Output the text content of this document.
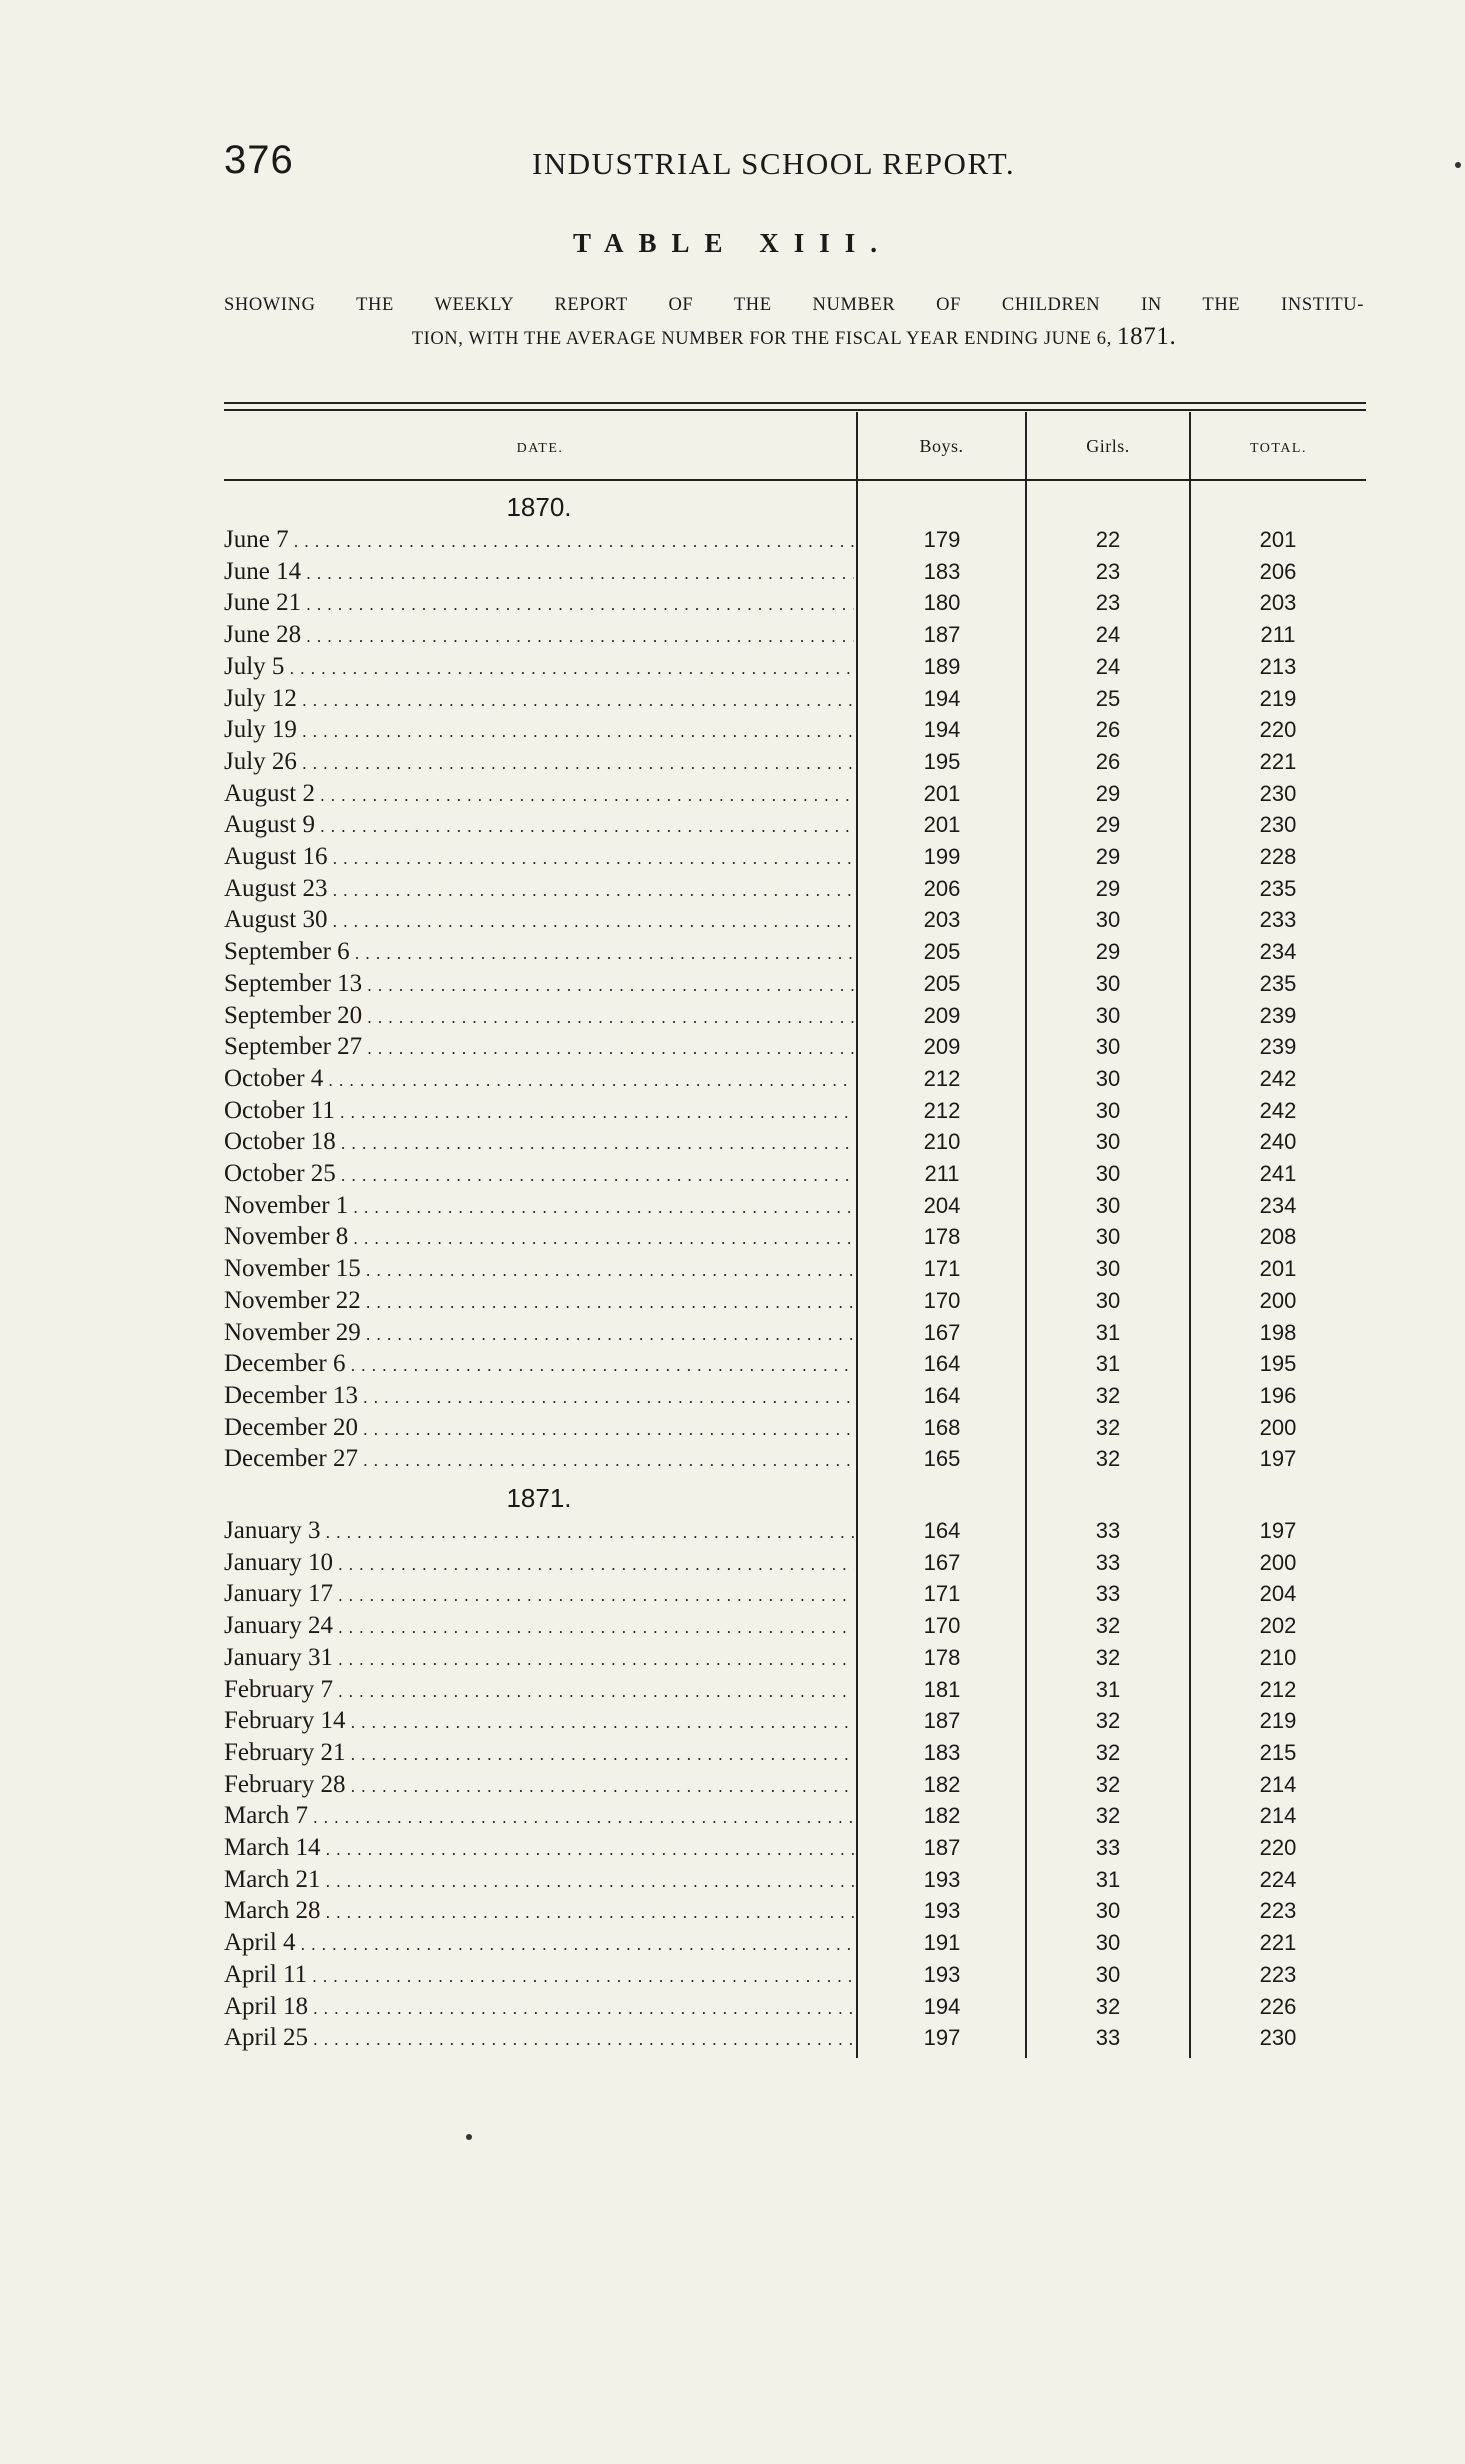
376	INDUSTRIAL SCHOOL REPORT.
TABLE XIII.
SHOWING THE WEEKLY REPORT OF THE NUMBER OF CHILDREN IN THE INSTITU-
TION, WITH THE AVERAGE NUMBER FOR THE FISCAL YEAR ENDING JUNE 6, 1871.
DATE.	Boys.	Girls.	TOTAL.
1870.
June 7 . . .	179	22	201
June 14 . . .	183	23	206
June 21 . . .	180	23	203
June 28 . . .	187	24	211
July 5 . . .	189	24	213
July 12 . . .	194	25	219
July 19 . . .	194	26	220
July 26 . . .	195	26	221
August 2 . . .	201	29	230
August 9 . . .	201	29	230
August 16 . . .	199	29	228
August 23 . . .	206	29	235
August 30 . . .	203	30	233
September 6 . . .	205	29	234
September 13 . . .	205	30	235
September 20 . . .	209	30	239
September 27 . . .	209	30	239
October 4 . . .	212	30	242
October 11 . . .	212	30	242
October 18 . . .	210	30	240
October 25 . . .	211	30	241
November 1 . . .	204	30	234
November 8 . . .	178	30	208
November 15 . . .	171	30	201
November 22 . . .	170	30	200
November 29 . . .	167	31	198
December 6 . . .	164	31	195
December 13 . . .	164	32	196
December 20 . . .	168	32	200
December 27 . . .	165	32	197
1871.
January 3 . . .	164	33	197
January 10 . . .	167	33	200
January 17 . . .	171	33	204
January 24 . . .	170	32	202
January 31 . . .	178	32	210
February 7 . . .	181	31	212
February 14 . . .	187	32	219
February 21 . . .	183	32	215
February 28 . . .	182	32	214
March 7 . . .	182	32	214
March 14 . . .	187	33	220
March 21 . . .	193	31	224
March 28 . . .	193	30	223
April 4 . . .	191	30	221
April 11 . . .	193	30	223
April 18 . . .	194	32	226
April 25 . . .	197	33	230
